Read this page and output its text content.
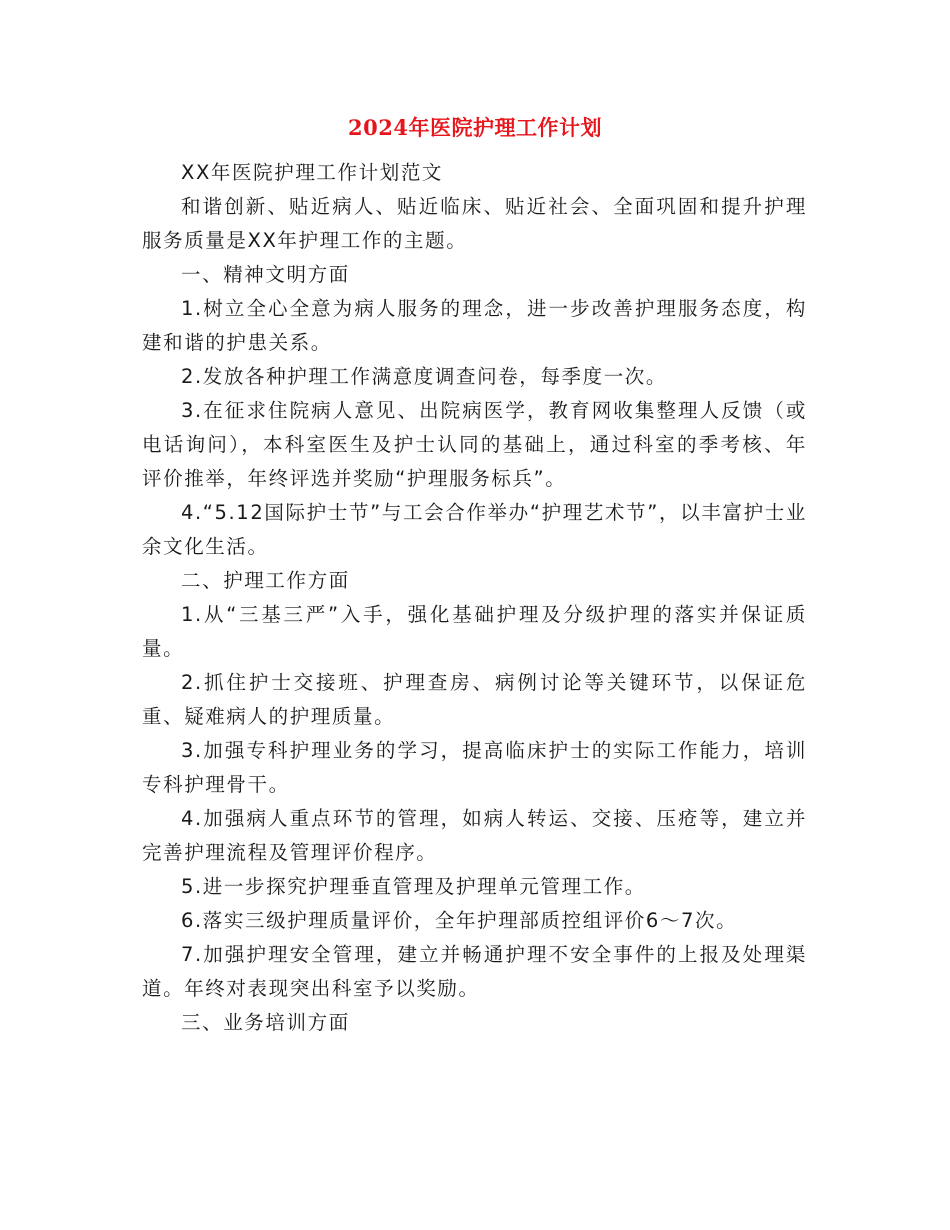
2024年医院护理工作计划

XX年医院护理工作计划范文

和谐创新、贴近病人、贴近临床、贴近社会、全面巩固和提升护理服务质量是XX年护理工作的主题。

一、精神文明方面

1.树立全心全意为病人服务的理念，进一步改善护理服务态度，构建和谐的护患关系。

2.发放各种护理工作满意度调查问卷，每季度一次。

3.在征求住院病人意见、出院病医学，教育网收集整理人反馈（或电话询问），本科室医生及护士认同的基础上，通过科室的季考核、年评价推举，年终评选并奖励“护理服务标兵”。

4.“5.12国际护士节”与工会合作举办“护理艺术节”，以丰富护士业余文化生活。

二、护理工作方面

1.从“三基三严”入手，强化基础护理及分级护理的落实并保证质量。

2.抓住护士交接班、护理查房、病例讨论等关键环节，以保证危重、疑难病人的护理质量。

3.加强专科护理业务的学习，提高临床护士的实际工作能力，培训专科护理骨干。

4.加强病人重点环节的管理，如病人转运、交接、压疮等，建立并完善护理流程及管理评价程序。

5.进一步探究护理垂直管理及护理单元管理工作。

6.落实三级护理质量评价，全年护理部质控组评价6～7次。

7.加强护理安全管理，建立并畅通护理不安全事件的上报及处理渠道。年终对表现突出科室予以奖励。

三、业务培训方面
